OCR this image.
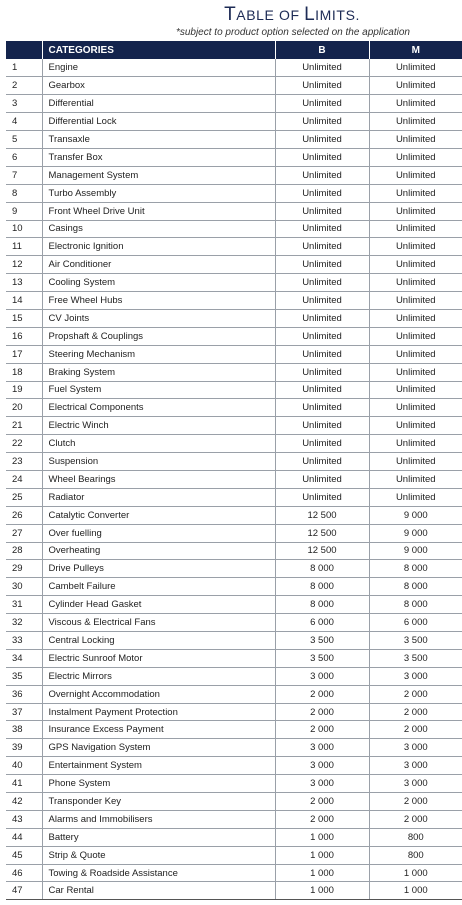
TABLE OF LIMITS.
*subject to product option selected on the application
	CATEGORIES	B	M
1	Engine	Unlimited	Unlimited
2	Gearbox	Unlimited	Unlimited
3	Differential	Unlimited	Unlimited
4	Differential Lock	Unlimited	Unlimited
5	Transaxle	Unlimited	Unlimited
6	Transfer Box	Unlimited	Unlimited
7	Management System	Unlimited	Unlimited
8	Turbo Assembly	Unlimited	Unlimited
9	Front Wheel Drive Unit	Unlimited	Unlimited
10	Casings	Unlimited	Unlimited
11	Electronic Ignition	Unlimited	Unlimited
12	Air Conditioner	Unlimited	Unlimited
13	Cooling System	Unlimited	Unlimited
14	Free Wheel Hubs	Unlimited	Unlimited
15	CV Joints	Unlimited	Unlimited
16	Propshaft & Couplings	Unlimited	Unlimited
17	Steering Mechanism	Unlimited	Unlimited
18	Braking System	Unlimited	Unlimited
19	Fuel System	Unlimited	Unlimited
20	Electrical Components	Unlimited	Unlimited
21	Electric Winch	Unlimited	Unlimited
22	Clutch	Unlimited	Unlimited
23	Suspension	Unlimited	Unlimited
24	Wheel Bearings	Unlimited	Unlimited
25	Radiator	Unlimited	Unlimited
26	Catalytic Converter	12 500	9 000
27	Over fuelling	12 500	9 000
28	Overheating	12 500	9 000
29	Drive Pulleys	8 000	8 000
30	Cambelt Failure	8 000	8 000
31	Cylinder Head Gasket	8 000	8 000
32	Viscous & Electrical Fans	6 000	6 000
33	Central Locking	3 500	3 500
34	Electric Sunroof Motor	3 500	3 500
35	Electric Mirrors	3 000	3 000
36	Overnight Accommodation	2 000	2 000
37	Instalment Payment Protection	2 000	2 000
38	Insurance Excess Payment	2 000	2 000
39	GPS Navigation System	3 000	3 000
40	Entertainment System	3 000	3 000
41	Phone System	3 000	3 000
42	Transponder Key	2 000	2 000
43	Alarms and Immobilisers	2 000	2 000
44	Battery	1 000	800
45	Strip & Quote	1 000	800
46	Towing & Roadside Assistance	1 000	1 000
47	Car Rental	1 000	1 000
